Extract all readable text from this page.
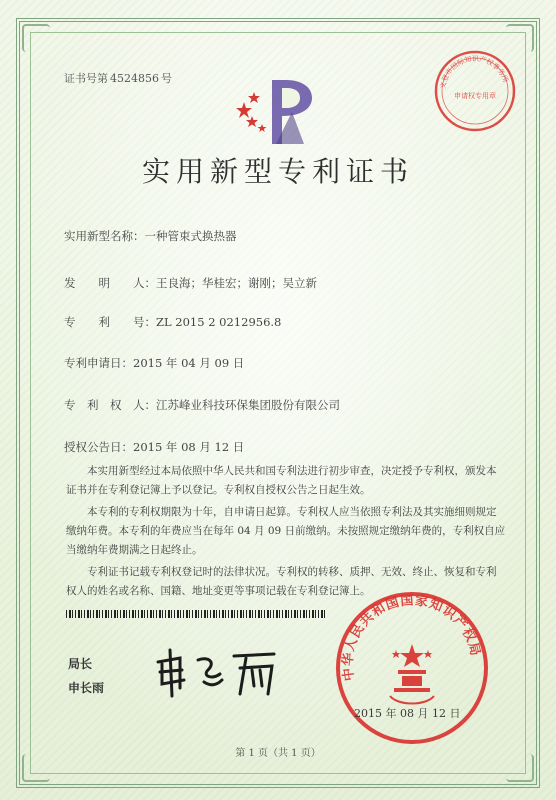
证书号第 4524856 号
实用新型专利证书
文登市国际知识产权事务所
申请权专用章
实用新型名称：一种管束式换热器
发　　明　　人：王良海；华桂宏；谢刚；吴立新
专　　利　　号：ZL 2015 2 0212956.8
专利申请日：2015 年 04 月 09 日
专　利　权　人：江苏峰业科技环保集团股份有限公司
授权公告日：2015 年 08 月 12 日

本实用新型经过本局依照中华人民共和国专利法进行初步审查，决定授予专利权，颁发本证书并在专利登记簿上予以登记。专利权自授权公告之日起生效。

本专利的专利权期限为十年，自申请日起算。专利权人应当依照专利法及其实施细则规定缴纳年费。本专利的年费应当在每年 04 月 09 日前缴纳。未按照规定缴纳年费的，专利权自应当缴纳年费期满之日起终止。

专利证书记载专利权登记时的法律状况。专利权的转移、质押、无效、终止、恢复和专利权人的姓名或名称、国籍、地址变更等事项记载在专利登记簿上。

局长
申长雨
中华人民共和国国家知识产权局
2015 年 08 月 12 日
第 1 页（共 1 页）
